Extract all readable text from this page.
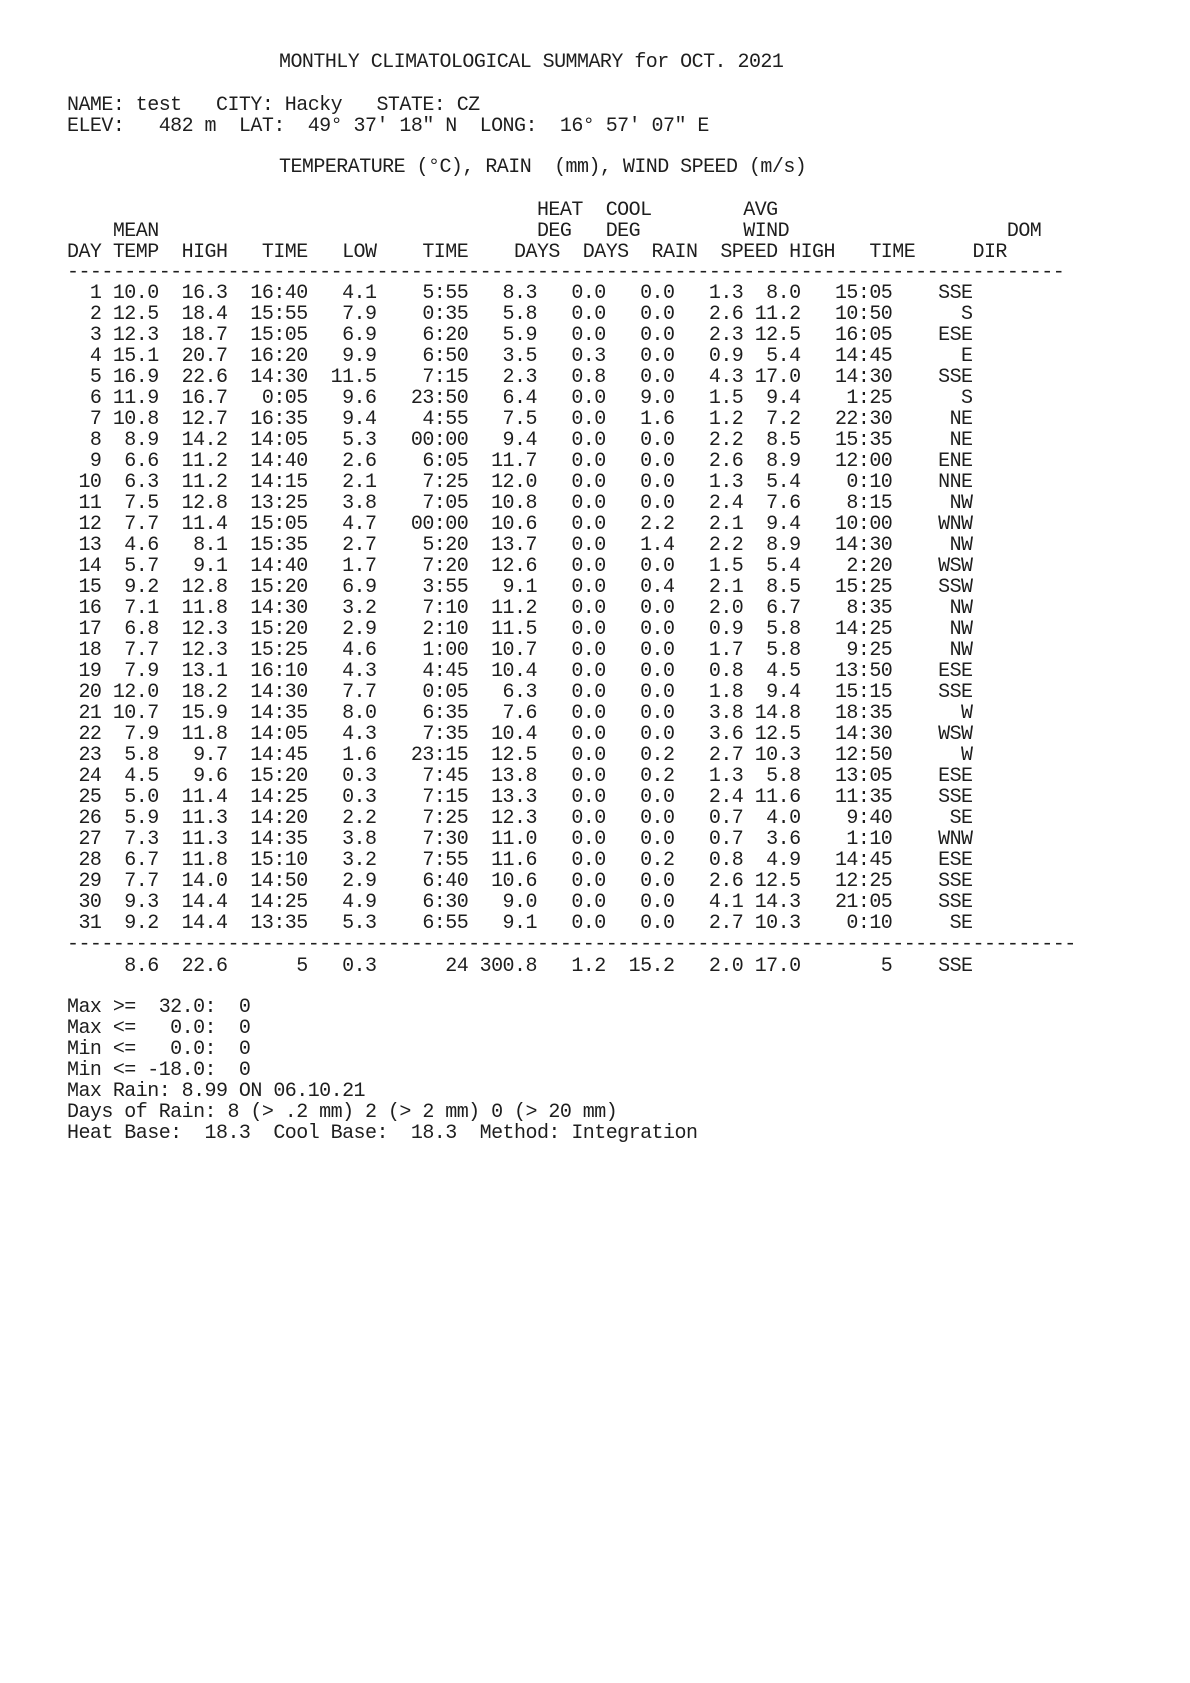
MONTHLY CLIMATOLOGICAL SUMMARY for OCT. 2021
NAME: test   CITY: Hacky   STATE: CZ
ELEV:   482 m  LAT:  49° 37' 18" N  LONG:  16° 57' 07" E
TEMPERATURE (°C), RAIN  (mm), WIND SPEED (m/s)
HEAT  COOL        AVG
MEAN                                 DEG   DEG         WIND                   DOM
DAY TEMP  HIGH   TIME   LOW    TIME    DAYS  DAYS  RAIN  SPEED HIGH   TIME     DIR
---------------------------------------------------------------------------------------
1 10.0  16.3  16:40   4.1    5:55   8.3   0.0   0.0   1.3  8.0   15:05    SSE
2 12.5  18.4  15:55   7.9    0:35   5.8   0.0   0.0   2.6 11.2   10:50      S
3 12.3  18.7  15:05   6.9    6:20   5.9   0.0   0.0   2.3 12.5   16:05    ESE
4 15.1  20.7  16:20   9.9    6:50   3.5   0.3   0.0   0.9  5.4   14:45      E
5 16.9  22.6  14:30  11.5    7:15   2.3   0.8   0.0   4.3 17.0   14:30    SSE
6 11.9  16.7   0:05   9.6   23:50   6.4   0.0   9.0   1.5  9.4    1:25      S
7 10.8  12.7  16:35   9.4    4:55   7.5   0.0   1.6   1.2  7.2   22:30     NE
8  8.9  14.2  14:05   5.3   00:00   9.4   0.0   0.0   2.2  8.5   15:35     NE
9  6.6  11.2  14:40   2.6    6:05  11.7   0.0   0.0   2.6  8.9   12:00    ENE
10  6.3  11.2  14:15   2.1    7:25  12.0   0.0   0.0   1.3  5.4    0:10    NNE
11  7.5  12.8  13:25   3.8    7:05  10.8   0.0   0.0   2.4  7.6    8:15     NW
12  7.7  11.4  15:05   4.7   00:00  10.6   0.0   2.2   2.1  9.4   10:00    WNW
13  4.6   8.1  15:35   2.7    5:20  13.7   0.0   1.4   2.2  8.9   14:30     NW
14  5.7   9.1  14:40   1.7    7:20  12.6   0.0   0.0   1.5  5.4    2:20    WSW
15  9.2  12.8  15:20   6.9    3:55   9.1   0.0   0.4   2.1  8.5   15:25    SSW
16  7.1  11.8  14:30   3.2    7:10  11.2   0.0   0.0   2.0  6.7    8:35     NW
17  6.8  12.3  15:20   2.9    2:10  11.5   0.0   0.0   0.9  5.8   14:25     NW
18  7.7  12.3  15:25   4.6    1:00  10.7   0.0   0.0   1.7  5.8    9:25     NW
19  7.9  13.1  16:10   4.3    4:45  10.4   0.0   0.0   0.8  4.5   13:50    ESE
20 12.0  18.2  14:30   7.7    0:05   6.3   0.0   0.0   1.8  9.4   15:15    SSE
21 10.7  15.9  14:35   8.0    6:35   7.6   0.0   0.0   3.8 14.8   18:35      W
22  7.9  11.8  14:05   4.3    7:35  10.4   0.0   0.0   3.6 12.5   14:30    WSW
23  5.8   9.7  14:45   1.6   23:15  12.5   0.0   0.2   2.7 10.3   12:50      W
24  4.5   9.6  15:20   0.3    7:45  13.8   0.0   0.2   1.3  5.8   13:05    ESE
25  5.0  11.4  14:25   0.3    7:15  13.3   0.0   0.0   2.4 11.6   11:35    SSE
26  5.9  11.3  14:20   2.2    7:25  12.3   0.0   0.0   0.7  4.0    9:40     SE
27  7.3  11.3  14:35   3.8    7:30  11.0   0.0   0.0   0.7  3.6    1:10    WNW
28  6.7  11.8  15:10   3.2    7:55  11.6   0.0   0.2   0.8  4.9   14:45    ESE
29  7.7  14.0  14:50   2.9    6:40  10.6   0.0   0.0   2.6 12.5   12:25    SSE
30  9.3  14.4  14:25   4.9    6:30   9.0   0.0   0.0   4.1 14.3   21:05    SSE
31  9.2  14.4  13:35   5.3    6:55   9.1   0.0   0.0   2.7 10.3    0:10     SE
----------------------------------------------------------------------------------------
8.6  22.6      5   0.3      24 300.8   1.2  15.2   2.0 17.0       5    SSE
Max >=  32.0:  0
Max <=   0.0:  0
Min <=   0.0:  0
Min <= -18.0:  0
Max Rain: 8.99 ON 06.10.21
Days of Rain: 8 (> .2 mm) 2 (> 2 mm) 0 (> 20 mm)
Heat Base:  18.3  Cool Base:  18.3  Method: Integration
